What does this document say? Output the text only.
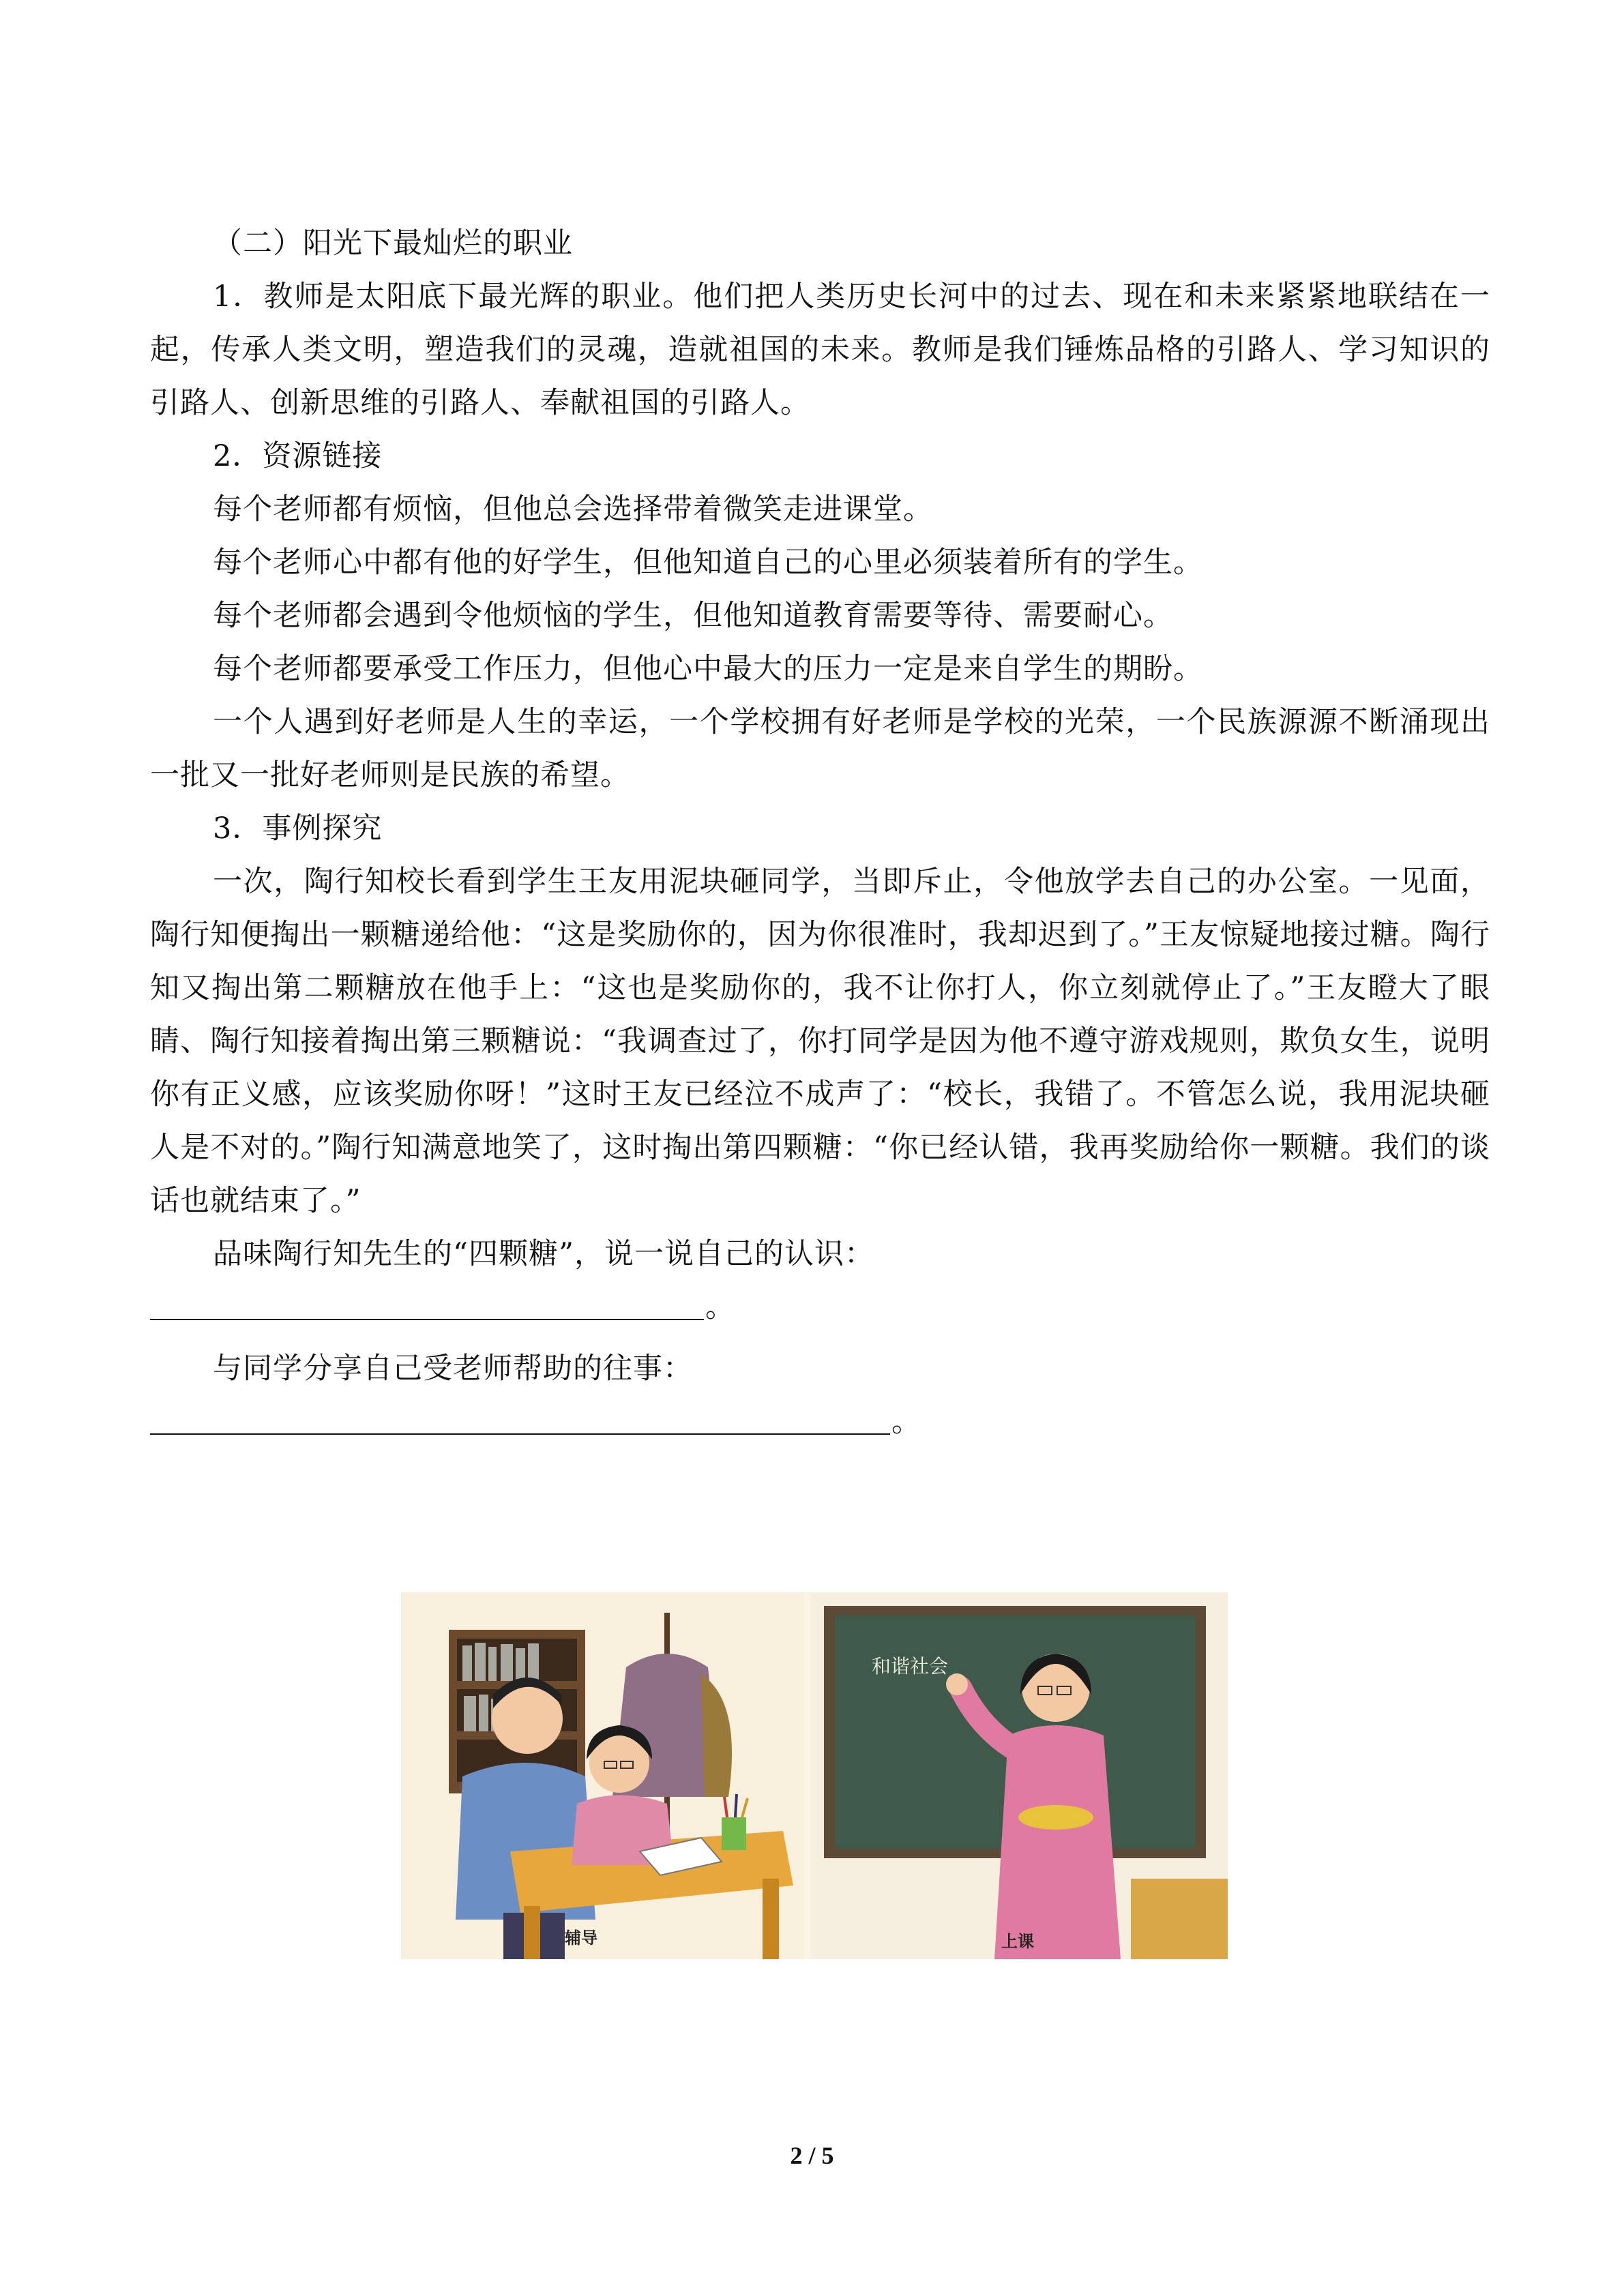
（二）阳光下最灿烂的职业

1．教师是太阳底下最光辉的职业。他们把人类历史长河中的过去、现在和未来紧紧地联结在一起，传承人类文明，塑造我们的灵魂，造就祖国的未来。教师是我们锤炼品格的引路人、学习知识的引路人、创新思维的引路人、奉献祖国的引路人。

2．资源链接

每个老师都有烦恼，但他总会选择带着微笑走进课堂。

每个老师心中都有他的好学生，但他知道自己的心里必须装着所有的学生。

每个老师都会遇到令他烦恼的学生，但他知道教育需要等待、需要耐心。

每个老师都要承受工作压力，但他心中最大的压力一定是来自学生的期盼。

一个人遇到好老师是人生的幸运，一个学校拥有好老师是学校的光荣，一个民族源源不断涌现出一批又一批好老师则是民族的希望。

3．事例探究

一次，陶行知校长看到学生王友用泥块砸同学，当即斥止，令他放学去自己的办公室。一见面，陶行知便掏出一颗糖递给他：“这是奖励你的，因为你很准时，我却迟到了。”王友惊疑地接过糖。陶行知又掏出第二颗糖放在他手上：“这也是奖励你的，我不让你打人，你立刻就停止了。”王友瞪大了眼睛、陶行知接着掏出第三颗糖说：“我调查过了，你打同学是因为他不遵守游戏规则，欺负女生，说明你有正义感，应该奖励你呀！”这时王友已经泣不成声了：“校长，我错了。不管怎么说，我用泥块砸人是不对的。”陶行知满意地笑了，这时掏出第四颗糖：“你已经认错，我再奖励给你一颗糖。我们的谈话也就结束了。”

品味陶行知先生的“四颗糖”，说一说自己的认识：

。

与同学分享自己受老师帮助的往事：

。
辅导
和谐社会
上课
2 / 5
